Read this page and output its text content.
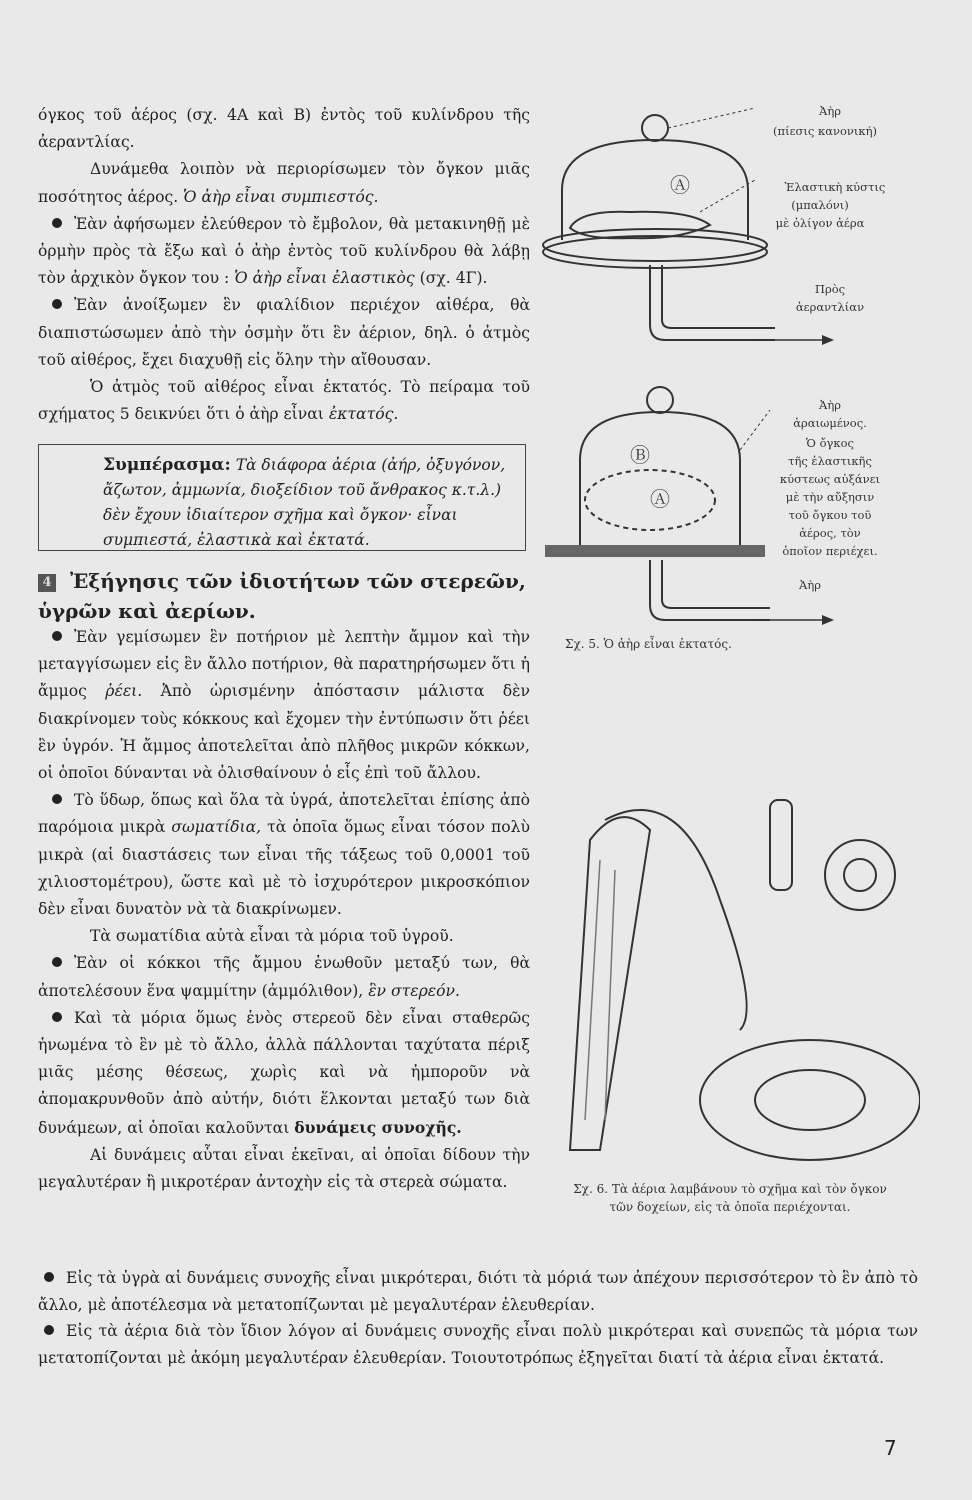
όγκος τοῦ ἀέρος (σχ. 4Α καὶ Β) ἐντὸς τοῦ κυλίνδρου τῆς ἀεραντλίας.

Δυνάμεθα λοιπὸν νὰ περιορίσωμεν τὸν ὄγκον μιᾶς ποσότητος ἀέρος. Ὁ ἀὴρ εἶναι συμπιεστός.

Ἐὰν ἀφήσωμεν ἐλεύθερον τὸ ἔμβολον, θὰ μετακινηθῇ μὲ ὁρμὴν πρὸς τὰ ἔξω καὶ ὁ ἀὴρ ἐντὸς τοῦ κυλίνδρου θὰ λάβῃ τὸν ἀρχικὸν ὄγκον του : Ὁ ἀὴρ εἶναι ἐλαστικὸς (σχ. 4Γ).

Ἐὰν ἀνοίξωμεν ἓν φιαλίδιον περιέχον αἰθέρα, θὰ διαπιστώσωμεν ἀπὸ τὴν ὀσμὴν ὅτι ἓν ἀέριον, δηλ. ὁ ἀτμὸς τοῦ αἰθέρος, ἔχει διαχυθῇ εἰς ὅλην τὴν αἴθουσαν.

Ὁ ἀτμὸς τοῦ αἰθέρος εἶναι ἐκτατός. Τὸ πείραμα τοῦ σχήματος 5 δεικνύει ὅτι ὁ ἀὴρ εἶναι ἐκτατός.

Συμπέρασμα: Τὰ διάφορα ἀέρια (ἀήρ, ὀξυγόνον, ἄζωτον, ἀμμωνία, διοξείδιον τοῦ ἄνθρακος κ.τ.λ.) δὲν ἔχουν ἰδιαίτερον σχῆμα καὶ ὄγκον· εἶναι συμπιεστά, ἐλαστικὰ καὶ ἐκτατά.
4 Ἐξήγησις τῶν ἰδιοτήτων τῶν στερεῶν, ὑγρῶν καὶ ἀερίων.

Ἐὰν γεμίσωμεν ἓν ποτήριον μὲ λεπτὴν ἄμμον καὶ τὴν μεταγγίσωμεν εἰς ἓν ἄλλο ποτήριον, θὰ παρατηρήσωμεν ὅτι ἡ ἄμμος ῥέει. Ἀπὸ ὡρισμένην ἀπόστασιν μάλιστα δὲν διακρίνομεν τοὺς κόκκους καὶ ἔχομεν τὴν ἐντύπωσιν ὅτι ῥέει ἓν ὑγρόν. Ἡ ἄμμος ἀποτελεῖται ἀπὸ πλῆθος μικρῶν κόκκων, οἱ ὁποῖοι δύνανται νὰ ὀλισθαίνουν ὁ εἷς ἐπὶ τοῦ ἄλλου.

Τὸ ὕδωρ, ὅπως καὶ ὅλα τὰ ὑγρά, ἀποτελεῖται ἐπίσης ἀπὸ παρόμοια μικρὰ σωματίδια, τὰ ὁποῖα ὅμως εἶναι τόσον πολὺ μικρὰ (αἱ διαστάσεις των εἶναι τῆς τάξεως τοῦ 0,0001 τοῦ χιλιοστομέτρου), ὥστε καὶ μὲ τὸ ἰσχυρότερον μικροσκόπιον δὲν εἶναι δυνατὸν νὰ τὰ διακρίνωμεν.

Τὰ σωματίδια αὐτὰ εἶναι τὰ μόρια τοῦ ὑγροῦ.

Ἐὰν οἱ κόκκοι τῆς ἄμμου ἑνωθοῦν μεταξύ των, θὰ ἀποτελέσουν ἕνα ψαμμίτην (ἀμμόλιθον), ἓν στερεόν.

Καὶ τὰ μόρια ὅμως ἑνὸς στερεοῦ δὲν εἶναι σταθερῶς ἡνωμένα τὸ ἓν μὲ τὸ ἄλλο, ἀλλὰ πάλλονται ταχύτατα πέριξ μιᾶς μέσης θέσεως, χωρὶς καὶ νὰ ἠμποροῦν νὰ ἀπομακρυνθοῦν ἀπὸ αὐτήν, διότι ἕλκονται μεταξύ των διὰ δυνάμεων, αἱ ὁποῖαι καλοῦνται δυνάμεις συνοχῆς.

Αἱ δυνάμεις αὗται εἶναι ἐκεῖναι, αἱ ὁποῖαι δίδουν τὴν μεγαλυτέραν ἢ μικροτέραν ἀντοχὴν εἰς τὰ στερεὰ σώματα.

Εἰς τὰ ὑγρὰ αἱ δυνάμεις συνοχῆς εἶναι μικρότεραι, διότι τὰ μόριά των ἀπέχουν περισσότερον τὸ ἓν ἀπὸ τὸ ἄλλο, μὲ ἀποτέλεσμα νὰ μετατοπίζωνται μὲ μεγαλυτέραν ἐλευθερίαν.

Εἰς τὰ ἀέρια διὰ τὸν ἴδιον λόγον αἱ δυνάμεις συνοχῆς εἶναι πολὺ μικρότεραι καὶ συνεπῶς τὰ μόρια των μετατοπίζονται μὲ ἀκόμη μεγαλυτέραν ἐλευθερίαν. Τοιουτοτρόπως ἐξηγεῖται διατί τὰ ἀέρια εἶναι ἐκτατά.

Ἀὴρ
(πίεσις κανονική)
Ἐλαστικὴ κύστις
(μπαλόνι)
μὲ ὀλίγον ἀέρα
Πρὸς
ἀεραντλίαν
Ⓐ
Ἀὴρ
ἀραιωμένος.
Ὁ ὄγκος
τῆς ἐλαστικῆς
κύστεως αὐξάνει
μὲ τὴν αὔξησιν
τοῦ ὄγκου τοῦ
ἀέρος, τὸν
ὁποῖον περιέχει.
Ἀὴρ
Ⓐ
Ⓑ
Σχ. 5. Ὁ ἀὴρ εἶναι ἐκτατός.
Σχ. 6. Τὰ ἀέρια λαμβάνουν τὸ σχῆμα καὶ τὸν ὄγκον τῶν δοχείων, εἰς τὰ ὁποῖα περιέχονται.
7
